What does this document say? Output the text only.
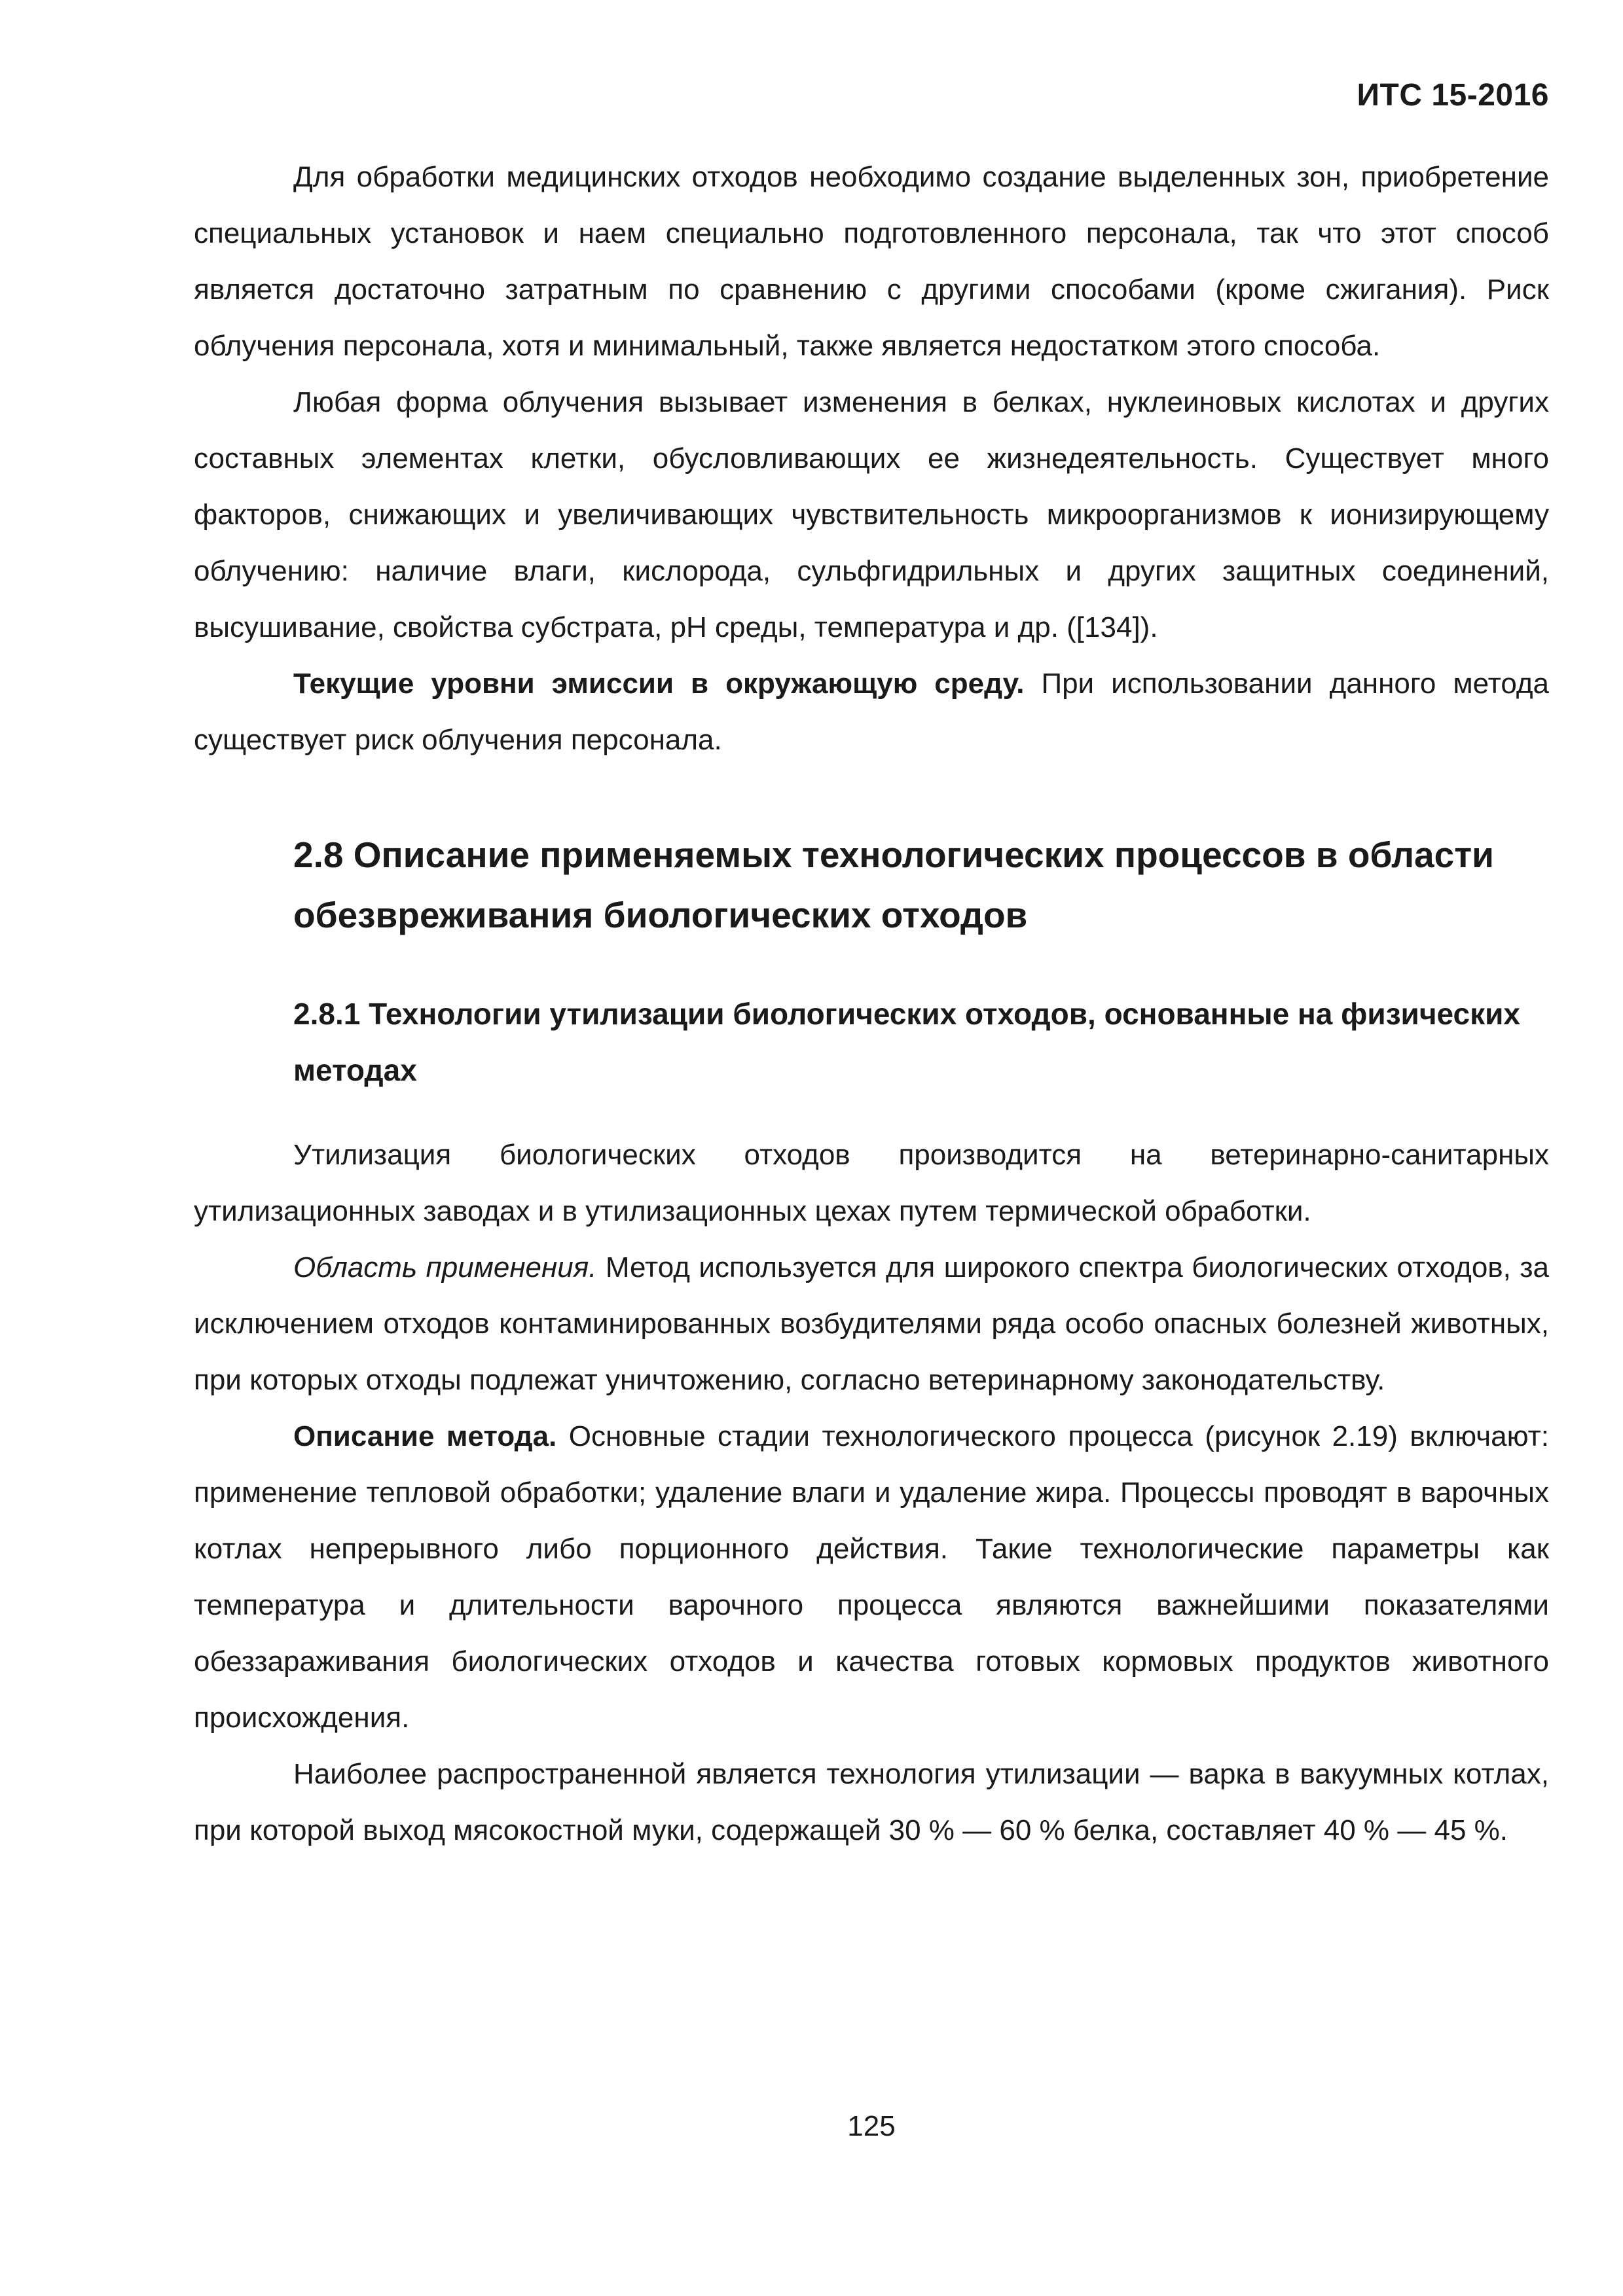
ИТС 15-2016

Для обработки медицинских отходов необходимо создание выделенных зон, приобретение специальных установок и наем специально подготовленного персонала, так что этот способ является достаточно затратным по сравнению с другими способами (кроме сжигания). Риск облучения персонала, хотя и минимальный, также является недостатком этого способа.

Любая форма облучения вызывает изменения в белках, нуклеиновых кислотах и других составных элементах клетки, обусловливающих ее жизнедеятельность. Существует много факторов, снижающих и увеличивающих чувствительность микроорганизмов к ионизирующему облучению: наличие влаги, кислорода, сульфгидрильных и других защитных соединений, высушивание, свойства субстрата, pH среды, температура и др. ([134]).

Текущие уровни эмиссии в окружающую среду. При использовании данного метода существует риск облучения персонала.

2.8 Описание применяемых технологических процессов в области обезвреживания биологических отходов
2.8.1 Технологии утилизации биологических отходов, основанные на физических методах

Утилизация биологических отходов производится на ветеринарно-санитарных утилизационных заводах и в утилизационных цехах путем термической обработки.

Область применения. Метод используется для широкого спектра биологических отходов, за исключением отходов контаминированных возбудителями ряда особо опасных болезней животных, при которых отходы подлежат уничтожению, согласно ветеринарному законодательству.

Описание метода. Основные стадии технологического процесса (рисунок 2.19) включают: применение тепловой обработки; удаление влаги и удаление жира. Процессы проводят в варочных котлах непрерывного либо порционного действия. Такие технологические параметры как температура и длительности варочного процесса являются важнейшими показателями обеззараживания биологических отходов и качества готовых кормовых продуктов животного происхождения.

Наиболее распространенной является технология утилизации — варка в вакуумных котлах, при которой выход мясокостной муки, содержащей 30 % — 60 % белка, составляет 40 % — 45 %.

125
